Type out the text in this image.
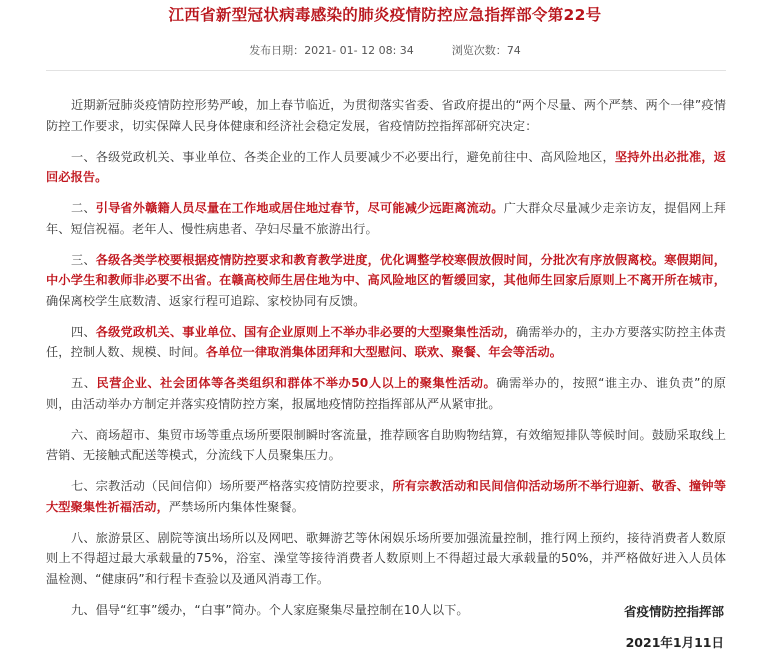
江西省新型冠状病毒感染的肺炎疫情防控应急指挥部令第22号
发布日期：2021- 01- 12 08: 34	浏览次数：74

近期新冠肺炎疫情防控形势严峻，加上春节临近，为贯彻落实省委、省政府提出的“两个尽量、两个严禁、两个一律”疫情防控工作要求，切实保障人民身体健康和经济社会稳定发展，省疫情防控指挥部研究决定：

一、各级党政机关、事业单位、各类企业的工作人员要减少不必要出行，避免前往中、高风险地区，坚持外出必批准，返回必报告。

二、引导省外赣籍人员尽量在工作地或居住地过春节，尽可能减少远距离流动。广大群众尽量减少走亲访友，提倡网上拜年、短信祝福。老年人、慢性病患者、孕妇尽量不旅游出行。

三、各级各类学校要根据疫情防控要求和教育教学进度，优化调整学校寒假放假时间，分批次有序放假离校。寒假期间，中小学生和教师非必要不出省。在赣高校师生居住地为中、高风险地区的暂缓回家，其他师生回家后原则上不离开所在城市，确保离校学生底数清、返家行程可追踪、家校协同有反馈。

四、各级党政机关、事业单位、国有企业原则上不举办非必要的大型聚集性活动，确需举办的，主办方要落实防控主体责任，控制人数、规模、时间。各单位一律取消集体团拜和大型慰问、联欢、聚餐、年会等活动。

五、民营企业、社会团体等各类组织和群体不举办50人以上的聚集性活动。确需举办的，按照“谁主办、谁负责”的原则，由活动举办方制定并落实疫情防控方案，报属地疫情防控指挥部从严从紧审批。

六、商场超市、集贸市场等重点场所要限制瞬时客流量，推荐顾客自助购物结算，有效缩短排队等候时间。鼓励采取线上营销、无接触式配送等模式，分流线下人员聚集压力。

七、宗教活动（民间信仰）场所要严格落实疫情防控要求，所有宗教活动和民间信仰活动场所不举行迎新、敬香、撞钟等大型聚集性祈福活动，严禁场所内集体性聚餐。

八、旅游景区、剧院等演出场所以及网吧、歌舞游艺等休闲娱乐场所要加强流量控制，推行网上预约，接待消费者人数原则上不得超过最大承载量的75%，浴室、澡堂等接待消费者人数原则上不得超过最大承载量的50%，并严格做好进入人员体温检测、“健康码”和行程卡查验以及通风消毒工作。

九、倡导“红事”缓办，“白事”简办。个人家庭聚集尽量控制在10人以下。	省疫情防控指挥部
2021年1月11日
